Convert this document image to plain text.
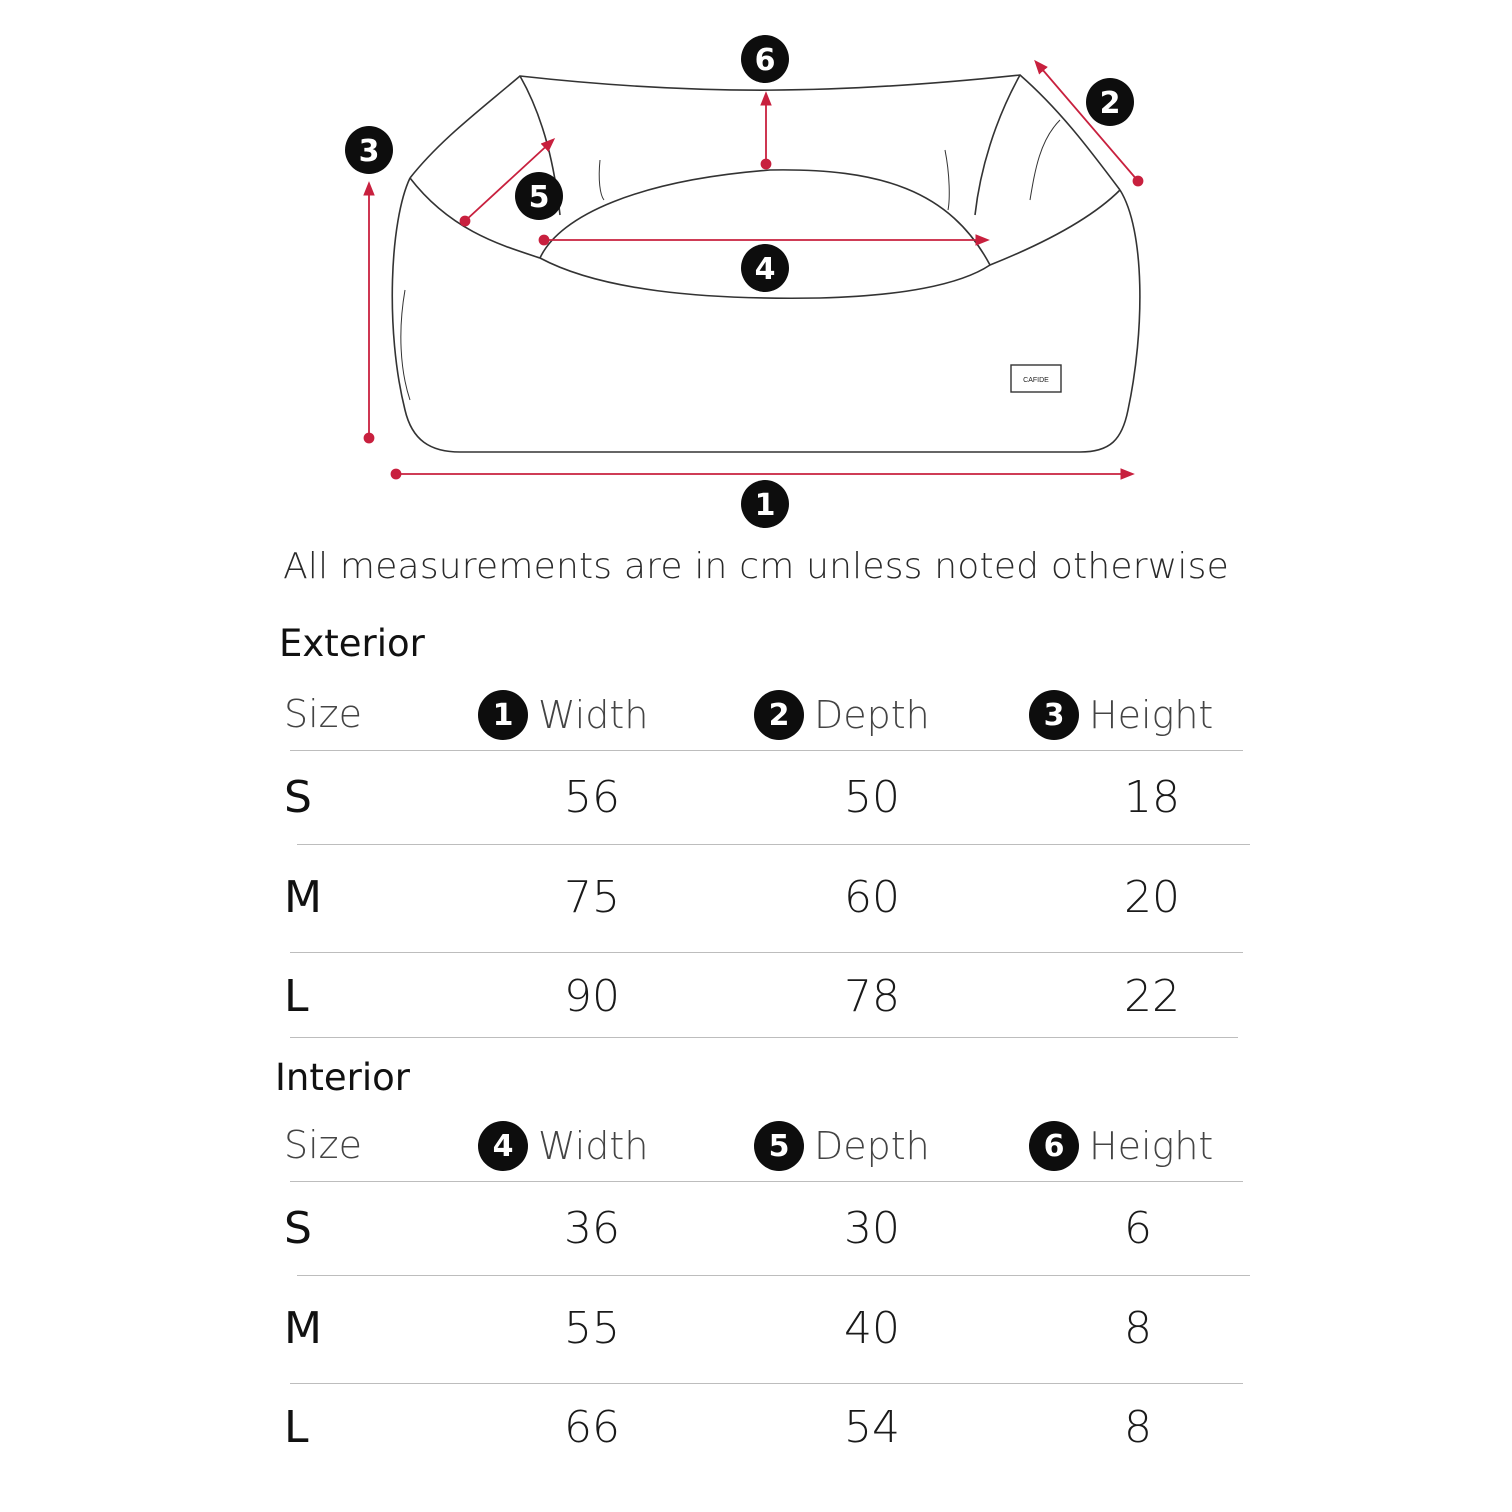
CAFIDE
1
2
3
4
5
6
All measurements are in cm unless noted otherwise
Exterior
Size	1 Width	2 Depth	3 Height
S	56	50	18
M	75	60	20
L	90	78	22
Interior
Size	4 Width	5 Depth	6 Height
S	36	30	6
M	55	40	8
L	66	54	8
